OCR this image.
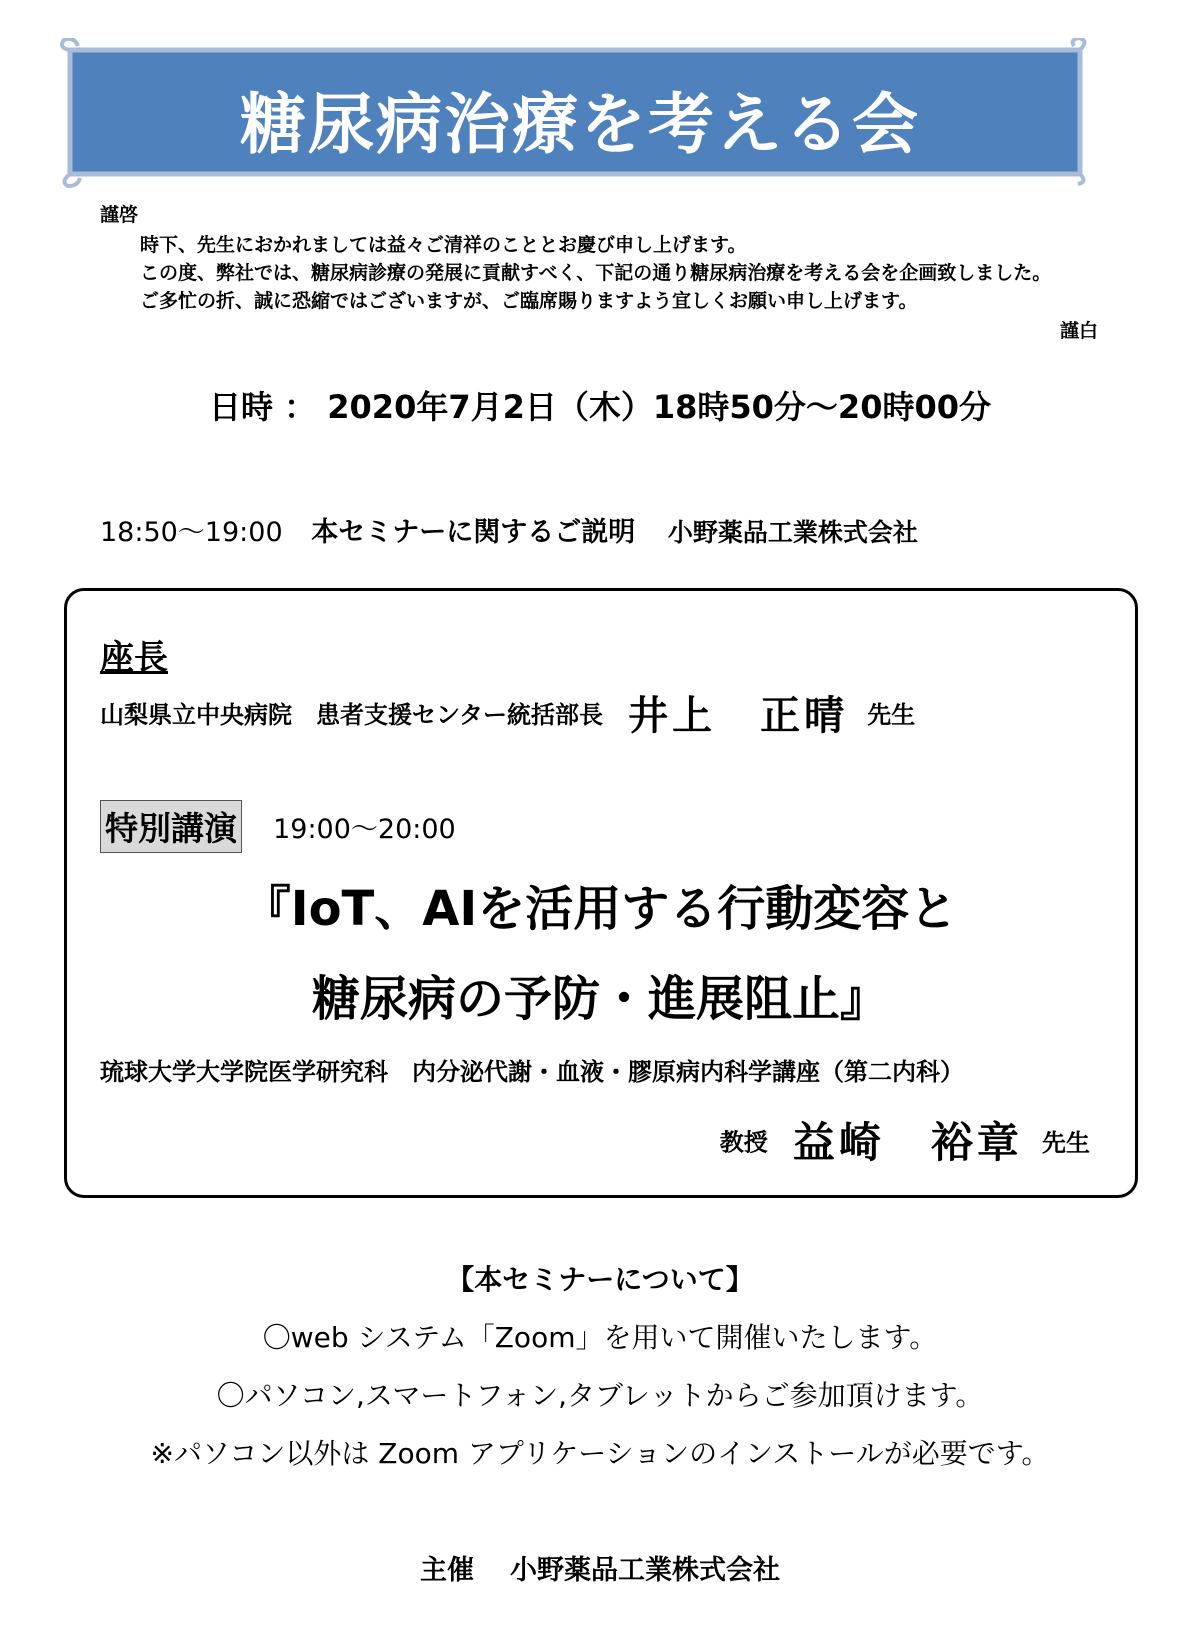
糖尿病治療を考える会
謹啓
時下、先生におかれましては益々ご清祥のこととお慶び申し上げます。
この度、弊社では、糖尿病診療の発展に貢献すべく、下記の通り糖尿病治療を考える会を企画致しました。
ご多忙の折、誠に恐縮ではございますが、ご臨席賜りますよう宜しくお願い申し上げます。
謹白
日時 ： 2020年7月2日（木）18時50分～20時00分
18:50～19:00 本セミナーに関するご説明 小野薬品工業株式会社
座長
山梨県立中央病院　患者支援センター統括部長 井上　正晴 先生
特別講演 19:00～20:00
『IoT、AIを活用する行動変容と
糖尿病の予防・進展阻止』
琉球大学大学院医学研究科　内分泌代謝・血液・膠原病内科学講座（第二内科）
教授 益崎　裕章 先生
【本セミナーについて】
〇web システム「Zoom」を用いて開催いたします。
〇パソコン,スマートフォン,タブレットからご参加頂けます。
※パソコン以外は Zoom アプリケーションのインストールが必要です。
主催 小野薬品工業株式会社
